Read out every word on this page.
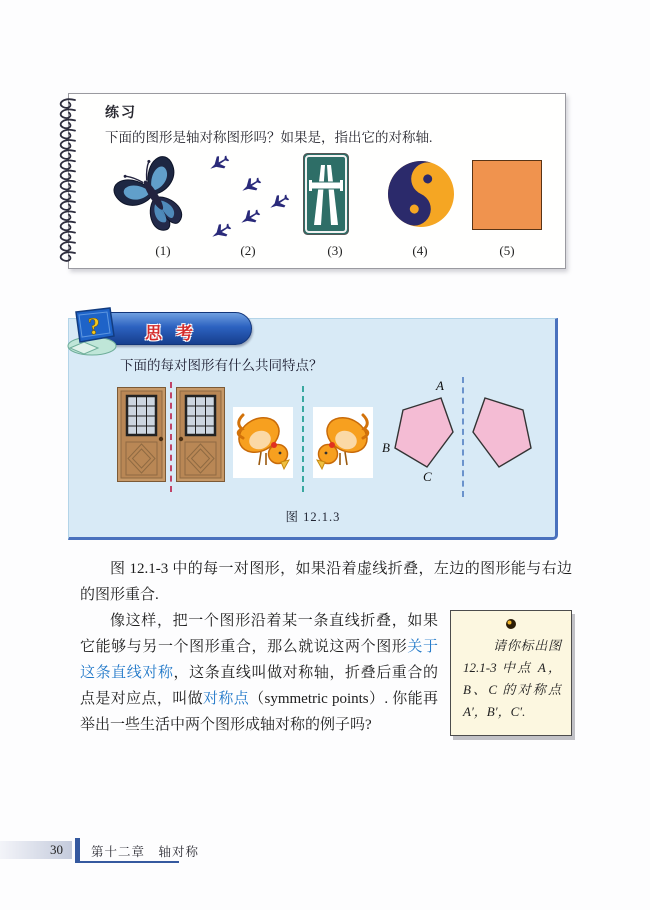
练习
下面的图形是轴对称图形吗？如果是，指出它的对称轴.
(1)	(2)	(3)	(4)	(5)
思考
?
下面的每对图形有什么共同特点？
A
B
C
图 12.1.3

图 12.1-3 中的每一对图形，如果沿着虚线折叠，左边的图形能与右边的图形重合.

请你标出图 12.1-3 中点 A，B、C 的对称点 A′，B′，C′.
像这样，把一个图形沿着某一条直线折叠，如果它能够与另一个图形重合，那么就说这两个图形关于这条直线对称，这条直线叫做对称轴，折叠后重合的点是对应点，叫做对称点（symmetric points）. 你能再举出一些生活中两个图形成轴对称的例子吗?

30	第十二章　轴对称
